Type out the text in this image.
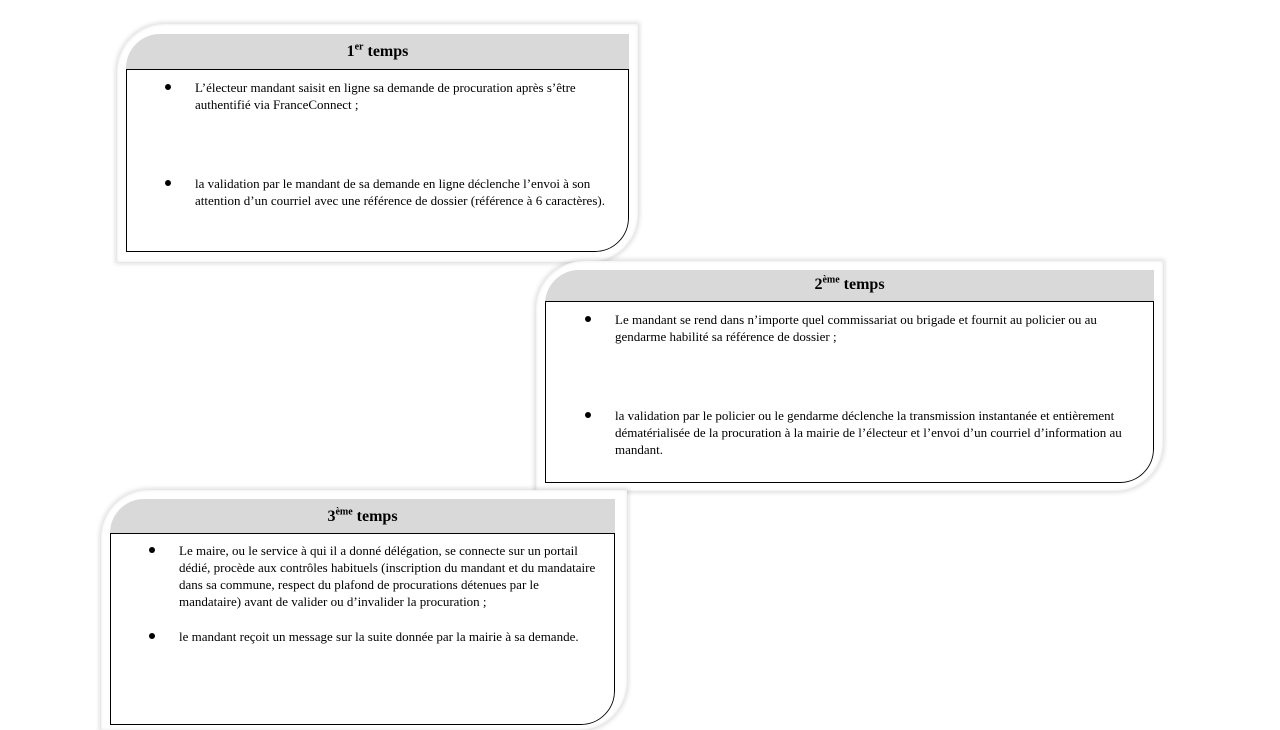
1er temps
L’électeur mandant saisit en ligne sa demande de procuration après s’être authentifié via FranceConnect ;
la validation par le mandant de sa demande en ligne déclenche l’envoi à son attention d’un courriel avec une référence de dossier (référence à 6 caractères).
2ème temps
Le mandant se rend dans n’importe quel commissariat ou brigade et fournit au policier ou au gendarme habilité sa référence de dossier ;
la validation par le policier ou le gendarme déclenche la transmission instantanée et entièrement dématérialisée de la procuration à la mairie de l’électeur et l’envoi d’un courriel d’information au mandant.
3ème temps
Le maire, ou le service à qui il a donné délégation, se connecte sur un portail dédié, procède aux contrôles habituels (inscription du mandant et du mandataire dans sa commune, respect du plafond de procurations détenues par le mandataire) avant de valider ou d’invalider la procuration ;
le mandant reçoit un message sur la suite donnée par la mairie à sa demande.
